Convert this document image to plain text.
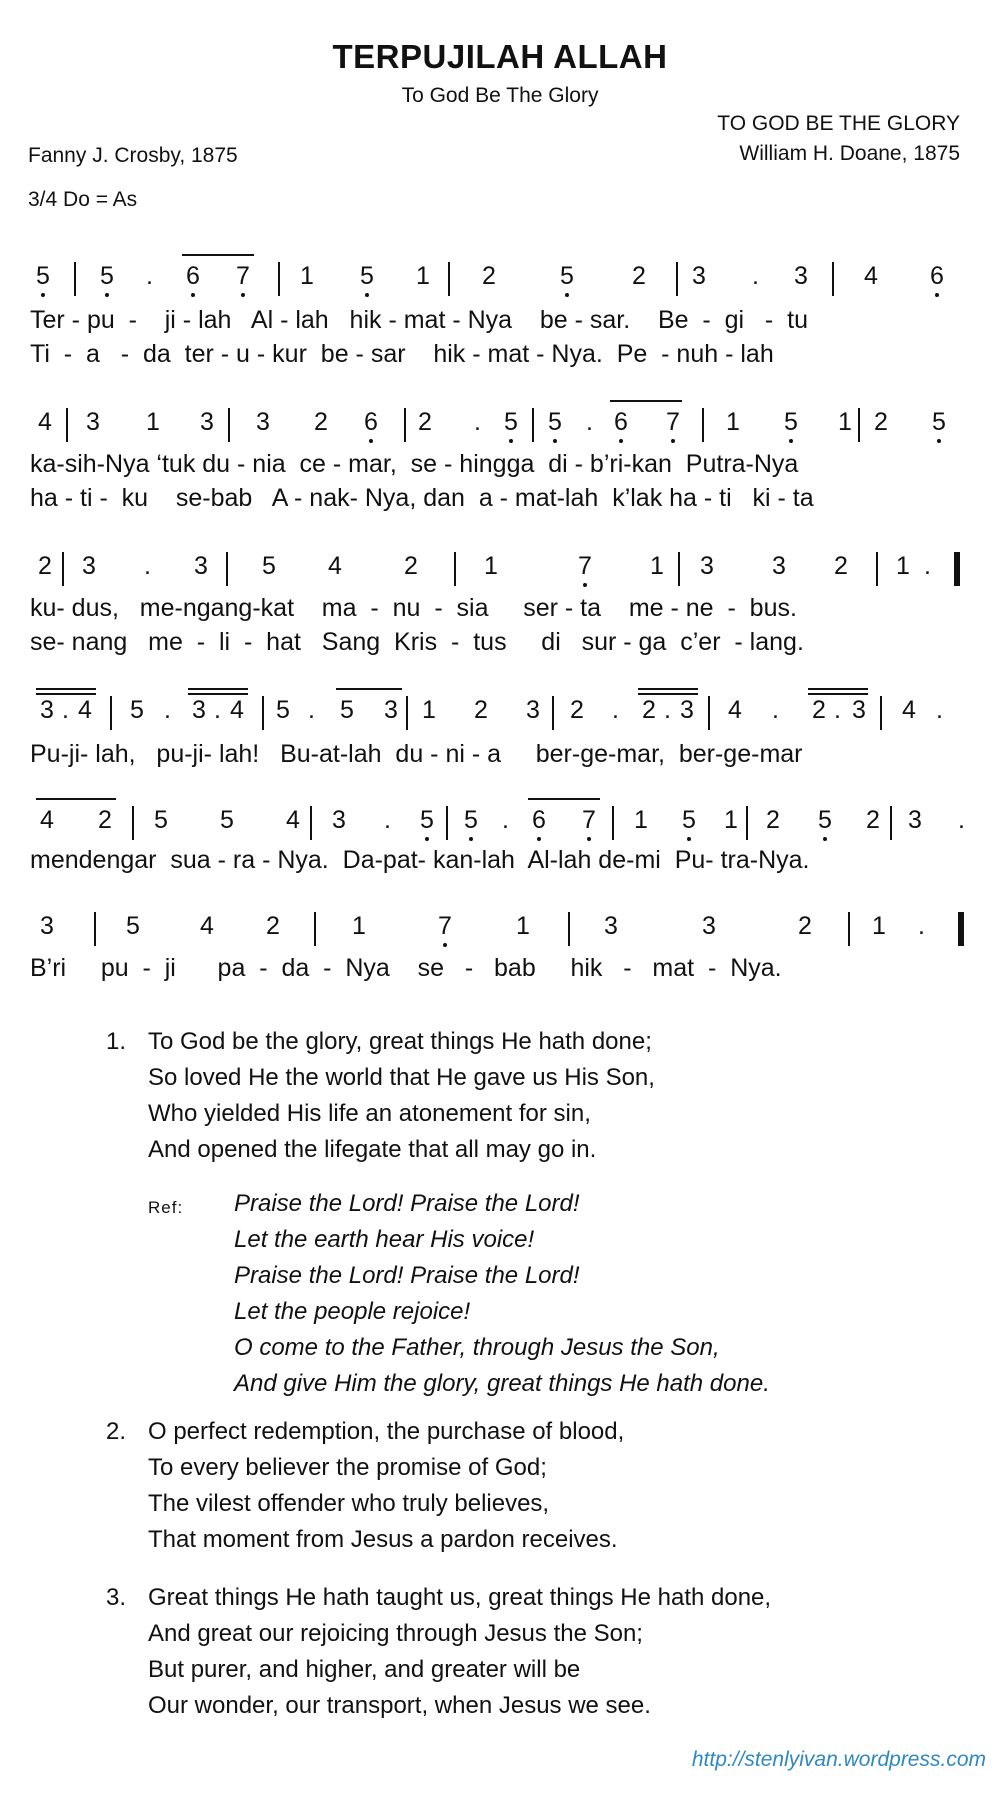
TERPUJILAH ALLAH
To God Be The Glory
TO GOD BE THE GLORY
Fanny J. Crosby, 1875	William H. Doane, 1875
3/4 Do = As
5 5 . 6 7 1 5 1 2	5 2 3 . 3 4 6
Ter - pu  -    ji - lah   Al - lah   hik - mat - Nya    be - sar.    Be  -  gi   -  tu
Ti  -  a   -  da  ter - u - kur  be - sar    hik - mat - Nya.  Pe  - nuh - lah
4 3 1 3 3 2 6 2 . 5 5 . 6 7 1 5 1 2 5
ka-sih-Nya ‘tuk du - nia  ce - mar,  se - hingga  di - b’ri-kan  Putra-Nya
ha - ti -  ku    se-bab   A - nak- Nya, dan  a - mat-lah  k’lak ha - ti   ki - ta
2 3 . 3 5 4 2	1	7 1 3 3 2 1 .
ku- dus,   me-ngang-kat    ma  -  nu  -  sia     ser - ta    me - ne  -  bus.
se- nang   me  -  li  -  hat   Sang  Kris  -  tus     di   sur - ga  c’er  - lang.
3 . 4 5 . 3 . 4 5 . 5 3 1 2 3 2 . 2 . 3 4 . 2 . 3 4 .
Pu-ji- lah,   pu-ji- lah!   Bu-at-lah  du - ni - a     ber-ge-mar,  ber-ge-mar
4 2 5 5 4 3 . 5 5 . 6 7 1 5 1 2 5 2 3 .
mendengar  sua - ra - Nya.  Da-pat- kan-lah  Al-lah de-mi  Pu- tra-Nya.
3	5 4 2	1	7	1	3	3	2 1 .
B’ri     pu  -  ji      pa  -  da  -  Nya    se   -   bab     hik   -   mat  -  Nya.
1. To God be the glory, great things He hath done;
So loved He the world that He gave us His Son,
Who yielded His life an atonement for sin,
And opened the lifegate that all may go in.
Ref: Praise the Lord! Praise the Lord!
Let the earth hear His voice!
Praise the Lord! Praise the Lord!
Let the people rejoice!
O come to the Father, through Jesus the Son,
And give Him the glory, great things He hath done.
2. O perfect redemption, the purchase of blood,
To every believer the promise of God;
The vilest offender who truly believes,
That moment from Jesus a pardon receives.
3. Great things He hath taught us, great things He hath done,
And great our rejoicing through Jesus the Son;
But purer, and higher, and greater will be
Our wonder, our transport, when Jesus we see.
http://stenlyivan.wordpress.com
